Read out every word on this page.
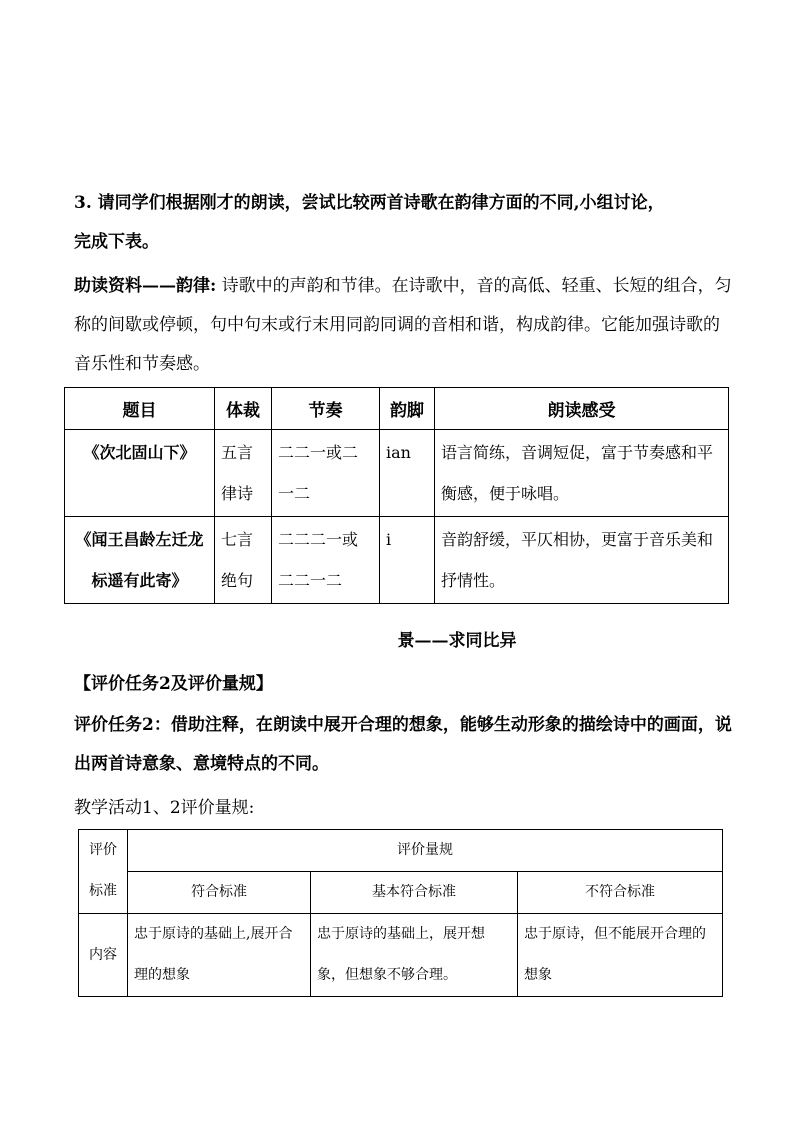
3. 请同学们根据刚才的朗读，尝试比较两首诗歌在韵律方面的不同,小组讨论，
完成下表。
助读资料——韵律: 诗歌中的声韵和节律。在诗歌中，音的高低、轻重、长短的组合，匀称的间歇或停顿，句中句末或行末用同韵同调的音相和谐，构成韵律。它能加强诗歌的音乐性和节奏感。
题目	体裁	节奏	韵脚	朗读感受
《次北固山下》	五言律诗	二二一或二一二	ian	语言简练，音调短促，富于节奏感和平衡感，便于咏唱。
《闻王昌龄左迁龙标遥有此寄》	七言绝句	二二二一或二二一二	i	音韵舒缓，平仄相协，更富于音乐美和抒情性。
景——求同比异
【评价任务2及评价量规】
评价任务2：借助注释，在朗读中展开合理的想象，能够生动形象的描绘诗中的画面，说出两首诗意象、意境特点的不同。
教学活动1、2评价量规:
评价标准	评价量规		
	符合标准	基本符合标准	不符合标准
内容	忠于原诗的基础上,展开合理的想象	忠于原诗的基础上，展开想象，但想象不够合理。	忠于原诗，但不能展开合理的想象
